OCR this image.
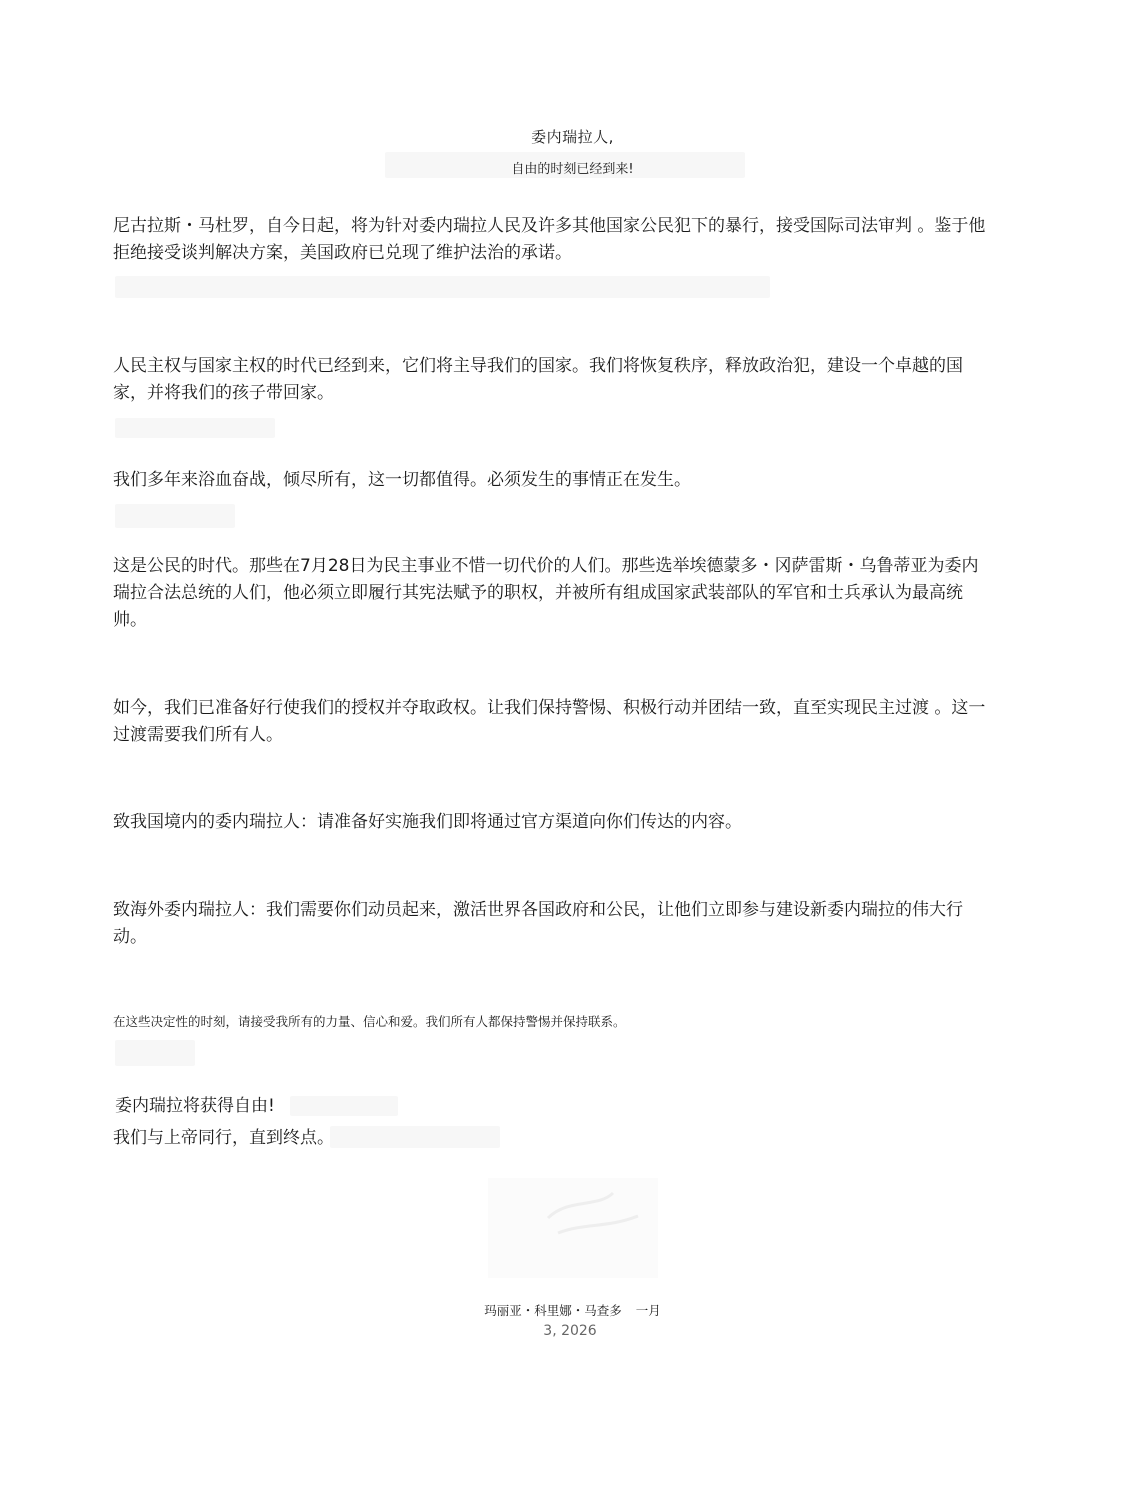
委内瑞拉人,

自由的时刻已经到来!

尼古拉斯・马杜罗，自今日起，将为针对委内瑞拉人民及许多其他国家公民犯下的暴行，接受国际司法审判 。鉴于他拒绝接受谈判解决方案，美国政府已兑现了维护法治的承诺。

人民主权与国家主权的时代已经到来，它们将主导我们的国家。我们将恢复秩序，释放政治犯，建设一个卓越的国家，并将我们的孩子带回家。

我们多年来浴血奋战，倾尽所有，这一切都值得。必须发生的事情正在发生。

这是公民的时代。那些在7月28日为民主事业不惜一切代价的人们。那些选举埃德蒙多・冈萨雷斯・乌鲁蒂亚为委内瑞拉合法总统的人们，他必须立即履行其宪法赋予的职权，并被所有组成国家武装部队的军官和士兵承认为最高统帅。

如今，我们已准备好行使我们的授权并夺取政权。让我们保持警惕、积极行动并团结一致，直至实现民主过渡 。这一过渡需要我们所有人。

致我国境内的委内瑞拉人：请准备好实施我们即将通过官方渠道向你们传达的内容。

致海外委内瑞拉人：我们需要你们动员起来，激活世界各国政府和公民，让他们立即参与建设新委内瑞拉的伟大行动。

在这些决定性的时刻，请接受我所有的力量、信心和爱。我们所有人都保持警惕并保持联系。

委内瑞拉将获得自由!

我们与上帝同行，直到终点。

玛丽亚・科里娜・马查多 一月

3, 2026
